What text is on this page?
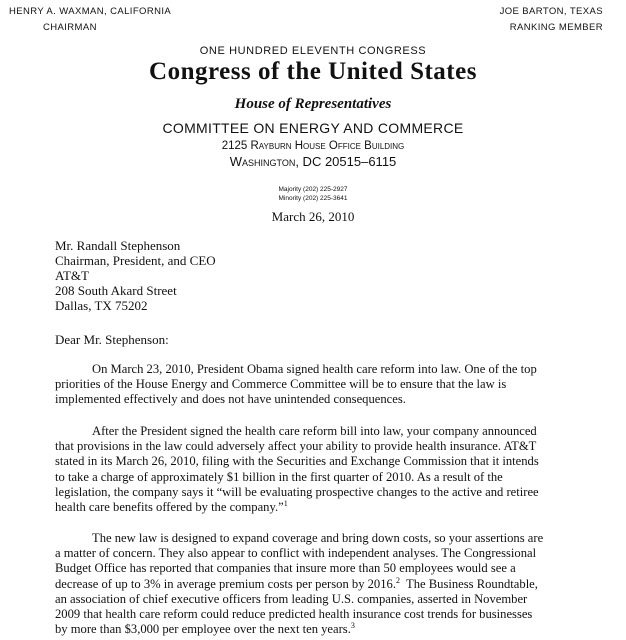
HENRY A. WAXMAN, CALIFORNIA
CHAIRMAN
JOE BARTON, TEXAS
RANKING MEMBER
ONE HUNDRED ELEVENTH CONGRESS
Congress of the United States
House of Representatives
COMMITTEE ON ENERGY AND COMMERCE
2125 Rayburn House Office Building
Washington, DC 20515–6115
Majority (202) 225-2927
Minority (202) 225-3641
March 26, 2010
Mr. Randall Stephenson
Chairman, President, and CEO
AT&T
208 South Akard Street
Dallas, TX 75202
Dear Mr. Stephenson:
On March 23, 2010, President Obama signed health care reform into law. One of the top
priorities of the House Energy and Commerce Committee will be to ensure that the law is
implemented effectively and does not have unintended consequences.
After the President signed the health care reform bill into law, your company announced
that provisions in the law could adversely affect your ability to provide health insurance. AT&T
stated in its March 26, 2010, filing with the Securities and Exchange Commission that it intends
to take a charge of approximately $1 billion in the first quarter of 2010. As a result of the
legislation, the company says it “will be evaluating prospective changes to the active and retiree
health care benefits offered by the company.”$^1$
The new law is designed to expand coverage and bring down costs, so your assertions are
a matter of concern. They also appear to conflict with independent analyses. The Congressional
Budget Office has reported that companies that insure more than 50 employees would see a
decrease of up to 3% in average premium costs per person by 2016.$^2$  The Business Roundtable,
an association of chief executive officers from leading U.S. companies, asserted in November
2009 that health care reform could reduce predicted health insurance cost trends for businesses
by more than $3,000 per employee over the next ten years.$^3$
